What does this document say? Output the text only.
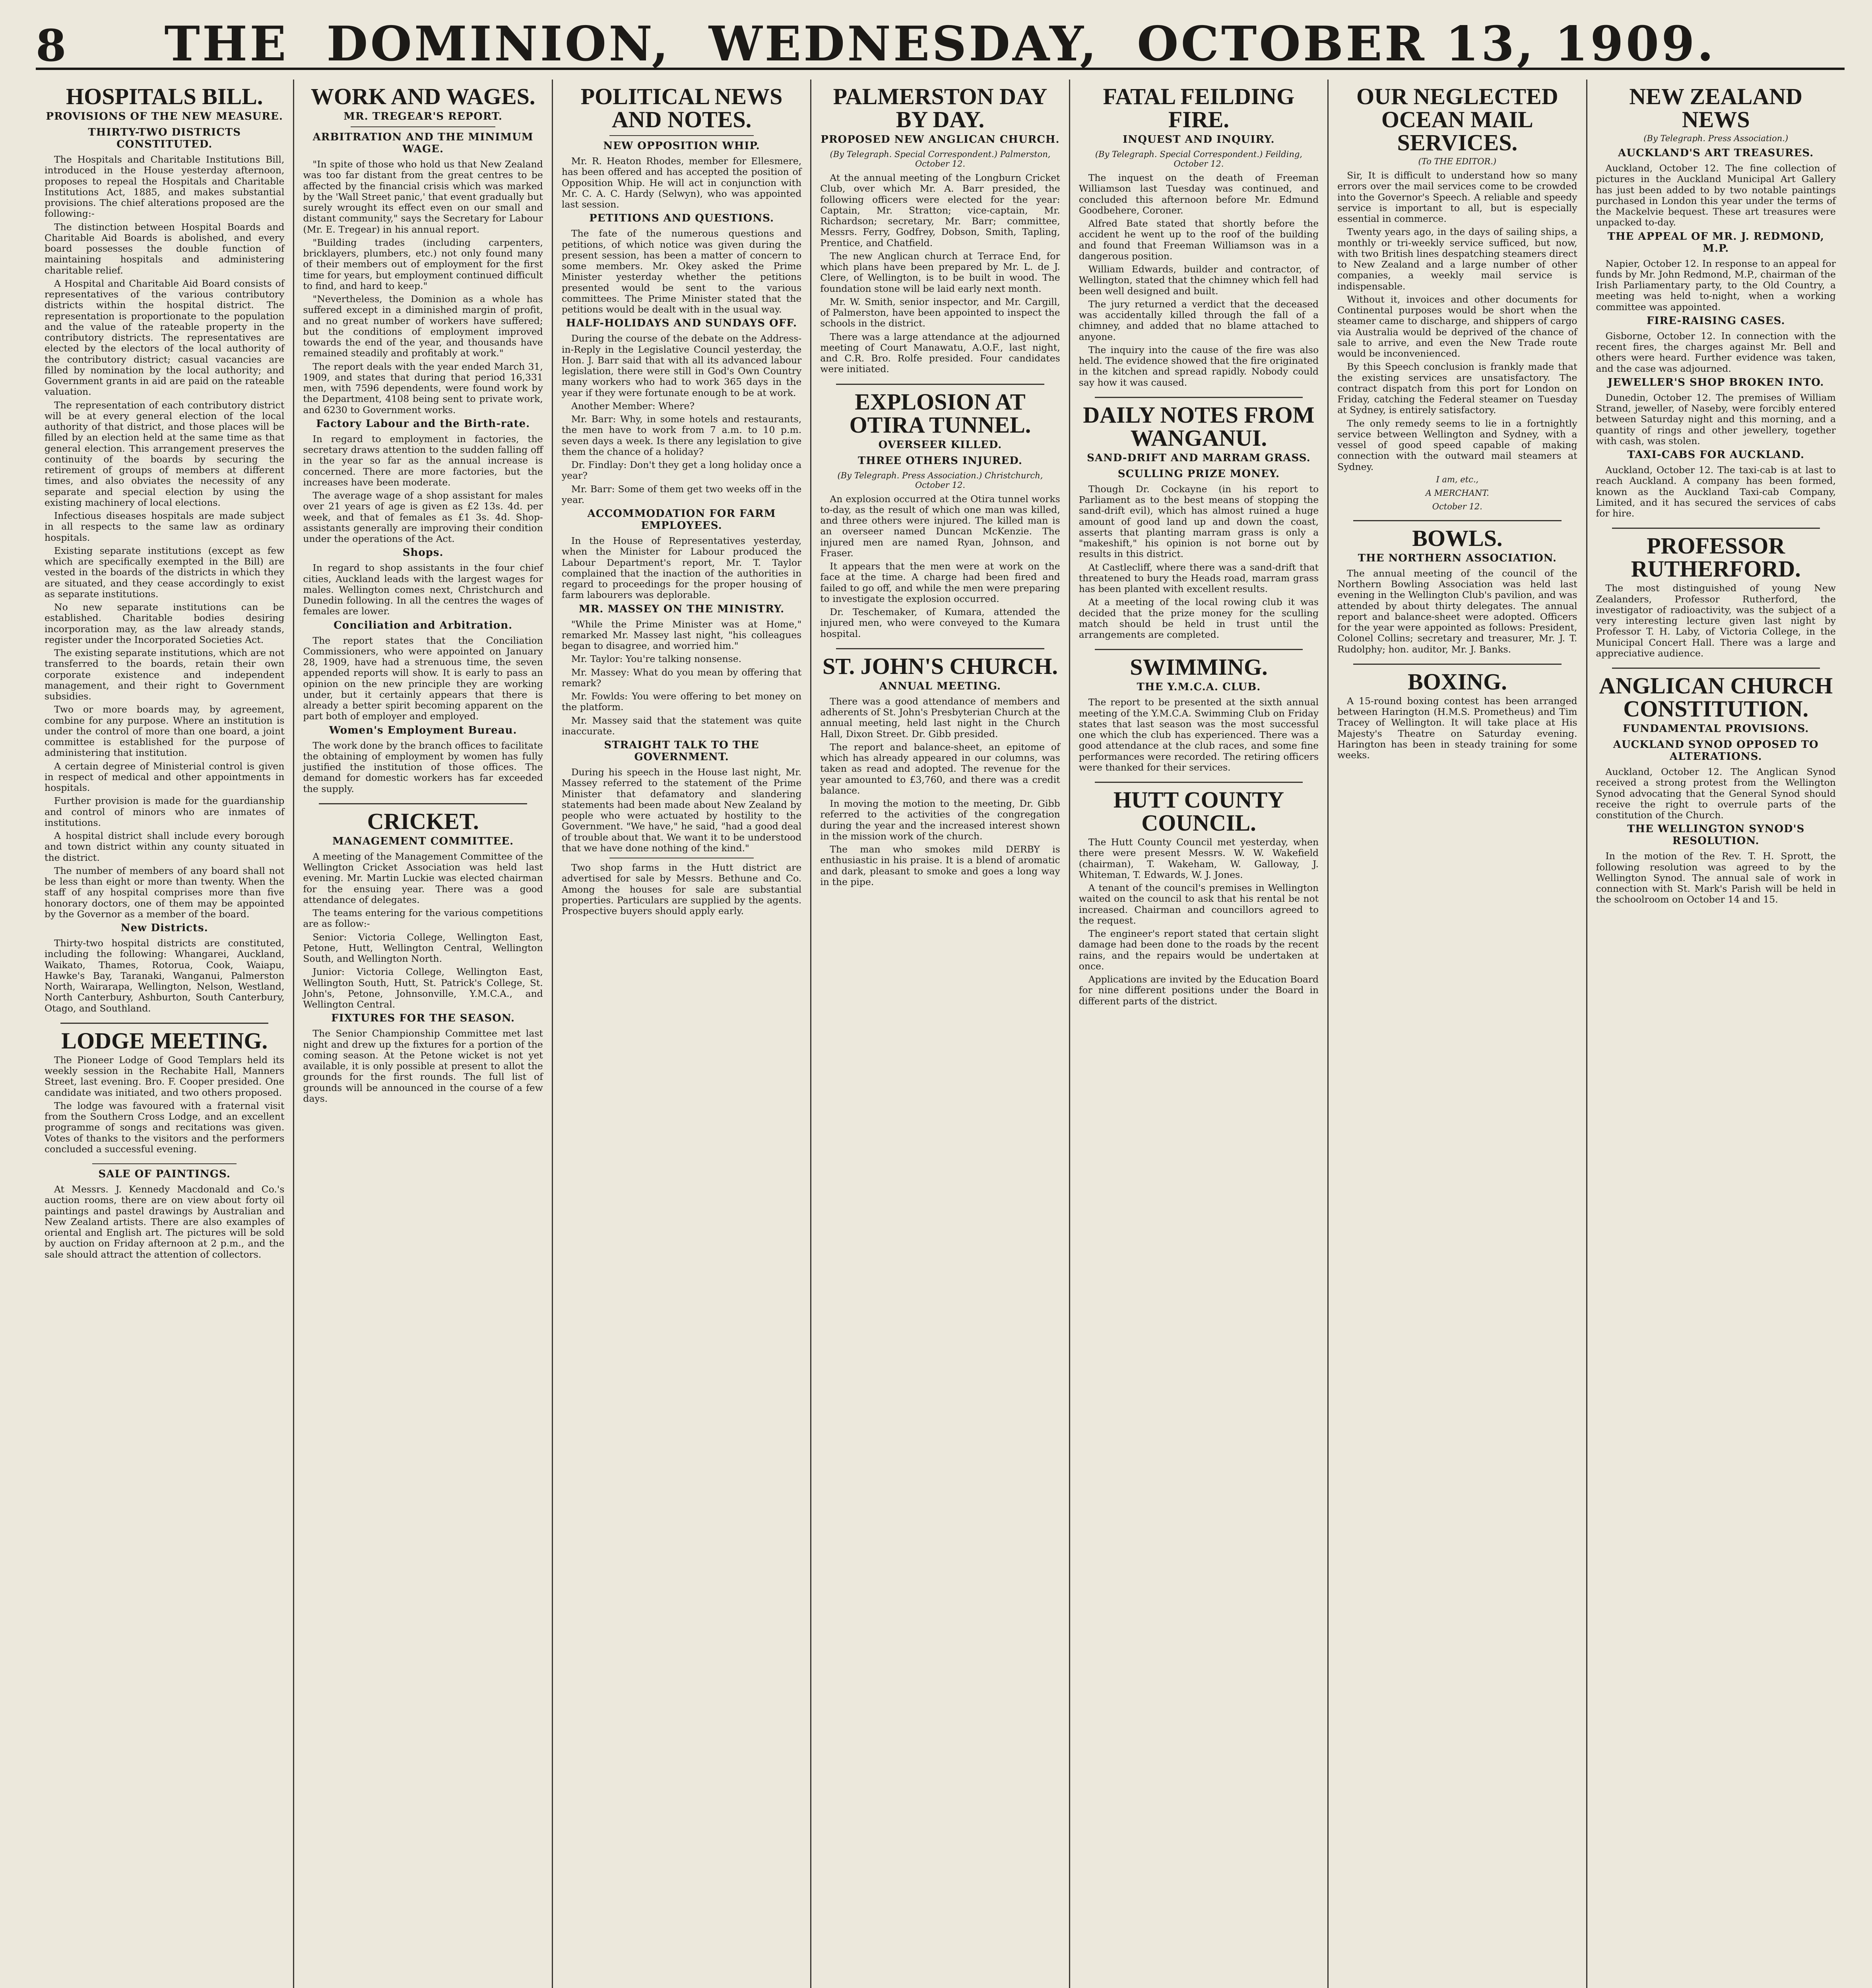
8	THE DOMINION, WEDNESDAY, OCTOBER 13, 1909.
HOSPITALS BILL.
PROVISIONS OF THE NEW MEASURE.
THIRTY-TWO DISTRICTS CONSTITUTED.

The Hospitals and Charitable Institutions Bill, introduced in the House yesterday afternoon, proposes to repeal the Hospitals and Charitable Institutions Act, 1885, and makes substantial provisions. The chief alterations proposed are the following:-

The distinction between Hospital Boards and Charitable Aid Boards is abolished, and every board possesses the double function of maintaining hospitals and administering charitable relief.

A Hospital and Charitable Aid Board consists of representatives of the various contributory districts within the hospital district. The representation is proportionate to the population and the value of the rateable property in the contributory districts. The representatives are elected by the electors of the local authority of the contributory district; casual vacancies are filled by nomination by the local authority; and Government grants in aid are paid on the rateable valuation.

The representation of each contributory district will be at every general election of the local authority of that district, and those places will be filled by an election held at the same time as that general election. This arrangement preserves the continuity of the boards by securing the retirement of groups of members at different times, and also obviates the necessity of any separate and special election by using the existing machinery of local elections.

Infectious diseases hospitals are made subject in all respects to the same law as ordinary hospitals.

Existing separate institutions (except as few which are specifically exempted in the Bill) are vested in the boards of the districts in which they are situated, and they cease accordingly to exist as separate institutions.

No new separate institutions can be established. Charitable bodies desiring incorporation may, as the law already stands, register under the Incorporated Societies Act.

The existing separate institutions, which are not transferred to the boards, retain their own corporate existence and independent management, and their right to Government subsidies.

Two or more boards may, by agreement, combine for any purpose. Where an institution is under the control of more than one board, a joint committee is established for the purpose of administering that institution.

A certain degree of Ministerial control is given in respect of medical and other appointments in hospitals.

Further provision is made for the guardianship and control of minors who are inmates of institutions.

A hospital district shall include every borough and town district within any county situated in the district.

The number of members of any board shall not be less than eight or more than twenty. When the staff of any hospital comprises more than five honorary doctors, one of them may be appointed by the Governor as a member of the board.

New Districts.

Thirty-two hospital districts are constituted, including the following: Whangarei, Auckland, Waikato, Thames, Rotorua, Cook, Waiapu, Hawke's Bay, Taranaki, Wanganui, Palmerston North, Wairarapa, Wellington, Nelson, Westland, North Canterbury, Ashburton, South Canterbury, Otago, and Southland.

LODGE MEETING.

The Pioneer Lodge of Good Templars held its weekly session in the Rechabite Hall, Manners Street, last evening. Bro. F. Cooper presided. One candidate was initiated, and two others proposed.

The lodge was favoured with a fraternal visit from the Southern Cross Lodge, and an excellent programme of songs and recitations was given. Votes of thanks to the visitors and the performers concluded a successful evening.

SALE OF PAINTINGS.

At Messrs. J. Kennedy Macdonald and Co.'s auction rooms, there are on view about forty oil paintings and pastel drawings by Australian and New Zealand artists. There are also examples of oriental and English art. The pictures will be sold by auction on Friday afternoon at 2 p.m., and the sale should attract the attention of collectors.

WORK AND WAGES.
MR. TREGEAR'S REPORT.
ARBITRATION AND THE MINIMUM WAGE.

"In spite of those who hold us that New Zealand was too far distant from the great centres to be affected by the financial crisis which was marked by the 'Wall Street panic,' that event gradually but surely wrought its effect even on our small and distant community," says the Secretary for Labour (Mr. E. Tregear) in his annual report.

"Building trades (including carpenters, bricklayers, plumbers, etc.) not only found many of their members out of employment for the first time for years, but employment continued difficult to find, and hard to keep."

"Nevertheless, the Dominion as a whole has suffered except in a diminished margin of profit, and no great number of workers have suffered; but the conditions of employment improved towards the end of the year, and thousands have remained steadily and profitably at work."

The report deals with the year ended March 31, 1909, and states that during that period 16,331 men, with 7596 dependents, were found work by the Department, 4108 being sent to private work, and 6230 to Government works.

Factory Labour and the Birth-rate.

In regard to employment in factories, the secretary draws attention to the sudden falling off in the year so far as the annual increase is concerned. There are more factories, but the increases have been moderate.

The average wage of a shop assistant for males over 21 years of age is given as £2 13s. 4d. per week, and that of females as £1 3s. 4d. Shop-assistants generally are improving their condition under the operations of the Act.

Shops.

In regard to shop assistants in the four chief cities, Auckland leads with the largest wages for males. Wellington comes next, Christchurch and Dunedin following. In all the centres the wages of females are lower.

Conciliation and Arbitration.

The report states that the Conciliation Commissioners, who were appointed on January 28, 1909, have had a strenuous time, the seven appended reports will show. It is early to pass an opinion on the new principle they are working under, but it certainly appears that there is already a better spirit becoming apparent on the part both of employer and employed.

Women's Employment Bureau.

The work done by the branch offices to facilitate the obtaining of employment by women has fully justified the institution of those offices. The demand for domestic workers has far exceeded the supply.

CRICKET.
MANAGEMENT COMMITTEE.

A meeting of the Management Committee of the Wellington Cricket Association was held last evening. Mr. Martin Luckie was elected chairman for the ensuing year. There was a good attendance of delegates.

The teams entering for the various competitions are as follow:-

Senior: Victoria College, Wellington East, Petone, Hutt, Wellington Central, Wellington South, and Wellington North.

Junior: Victoria College, Wellington East, Wellington South, Hutt, St. Patrick's College, St. John's, Petone, Johnsonville, Y.M.C.A., and Wellington Central.

FIXTURES FOR THE SEASON.

The Senior Championship Committee met last night and drew up the fixtures for a portion of the coming season. At the Petone wicket is not yet available, it is only possible at present to allot the grounds for the first rounds. The full list of grounds will be announced in the course of a few days.

POLITICAL NEWS AND NOTES.
NEW OPPOSITION WHIP.

Mr. R. Heaton Rhodes, member for Ellesmere, has been offered and has accepted the position of Opposition Whip. He will act in conjunction with Mr. C. A. C. Hardy (Selwyn), who was appointed last session.

PETITIONS AND QUESTIONS.

The fate of the numerous questions and petitions, of which notice was given during the present session, has been a matter of concern to some members. Mr. Okey asked the Prime Minister yesterday whether the petitions presented would be sent to the various committees. The Prime Minister stated that the petitions would be dealt with in the usual way.

HALF-HOLIDAYS AND SUNDAYS OFF.

During the course of the debate on the Address-in-Reply in the Legislative Council yesterday, the Hon. J. Barr said that with all its advanced labour legislation, there were still in God's Own Country many workers who had to work 365 days in the year if they were fortunate enough to be at work.

Another Member: Where?

Mr. Barr: Why, in some hotels and restaurants, the men have to work from 7 a.m. to 10 p.m. seven days a week. Is there any legislation to give them the chance of a holiday?

Dr. Findlay: Don't they get a long holiday once a year?

Mr. Barr: Some of them get two weeks off in the year.

ACCOMMODATION FOR FARM EMPLOYEES.

In the House of Representatives yesterday, when the Minister for Labour produced the Labour Department's report, Mr. T. Taylor complained that the inaction of the authorities in regard to proceedings for the proper housing of farm labourers was deplorable.

MR. MASSEY ON THE MINISTRY.

"While the Prime Minister was at Home," remarked Mr. Massey last night, "his colleagues began to disagree, and worried him."

Mr. Taylor: You're talking nonsense.

Mr. Massey: What do you mean by offering that remark?

Mr. Fowlds: You were offering to bet money on the platform.

Mr. Massey said that the statement was quite inaccurate.

STRAIGHT TALK TO THE GOVERNMENT.

During his speech in the House last night, Mr. Massey referred to the statement of the Prime Minister that defamatory and slandering statements had been made about New Zealand by people who were actuated by hostility to the Government. "We have," he said, "had a good deal of trouble about that. We want it to be understood that we have done nothing of the kind."

Two shop farms in the Hutt district are advertised for sale by Messrs. Bethune and Co. Among the houses for sale are substantial properties. Particulars are supplied by the agents. Prospective buyers should apply early.

PALMERSTON DAY BY DAY.
PROPOSED NEW ANGLICAN CHURCH.
(By Telegraph. Special Correspondent.) Palmerston, October 12.

At the annual meeting of the Longburn Cricket Club, over which Mr. A. Barr presided, the following officers were elected for the year: Captain, Mr. Stratton; vice-captain, Mr. Richardson; secretary, Mr. Barr; committee, Messrs. Ferry, Godfrey, Dobson, Smith, Tapling, Prentice, and Chatfield.

The new Anglican church at Terrace End, for which plans have been prepared by Mr. L. de J. Clere, of Wellington, is to be built in wood. The foundation stone will be laid early next month.

Mr. W. Smith, senior inspector, and Mr. Cargill, of Palmerston, have been appointed to inspect the schools in the district.

There was a large attendance at the adjourned meeting of Court Manawatu, A.O.F., last night, and C.R. Bro. Rolfe presided. Four candidates were initiated.

EXPLOSION AT OTIRA TUNNEL.
OVERSEER KILLED.
THREE OTHERS INJURED.
(By Telegraph. Press Association.) Christchurch, October 12.

An explosion occurred at the Otira tunnel works to-day, as the result of which one man was killed, and three others were injured. The killed man is an overseer named Duncan McKenzie. The injured men are named Ryan, Johnson, and Fraser.

It appears that the men were at work on the face at the time. A charge had been fired and failed to go off, and while the men were preparing to investigate the explosion occurred.

Dr. Teschemaker, of Kumara, attended the injured men, who were conveyed to the Kumara hospital.

ST. JOHN'S CHURCH.
ANNUAL MEETING.

There was a good attendance of members and adherents of St. John's Presbyterian Church at the annual meeting, held last night in the Church Hall, Dixon Street. Dr. Gibb presided.

The report and balance-sheet, an epitome of which has already appeared in our columns, was taken as read and adopted. The revenue for the year amounted to £3,760, and there was a credit balance.

In moving the motion to the meeting, Dr. Gibb referred to the activities of the congregation during the year and the increased interest shown in the mission work of the church.

The man who smokes mild DERBY is enthusiastic in his praise. It is a blend of aromatic and dark, pleasant to smoke and goes a long way in the pipe.

FATAL FEILDING FIRE.
INQUEST AND INQUIRY.
(By Telegraph. Special Correspondent.) Feilding, October 12.

The inquest on the death of Freeman Williamson last Tuesday was continued, and concluded this afternoon before Mr. Edmund Goodbehere, Coroner.

Alfred Bate stated that shortly before the accident he went up to the roof of the building and found that Freeman Williamson was in a dangerous position.

William Edwards, builder and contractor, of Wellington, stated that the chimney which fell had been well designed and built.

The jury returned a verdict that the deceased was accidentally killed through the fall of a chimney, and added that no blame attached to anyone.

The inquiry into the cause of the fire was also held. The evidence showed that the fire originated in the kitchen and spread rapidly. Nobody could say how it was caused.

DAILY NOTES FROM WANGANUI.
SAND-DRIFT AND MARRAM GRASS.
SCULLING PRIZE MONEY.

Though Dr. Cockayne (in his report to Parliament as to the best means of stopping the sand-drift evil), which has almost ruined a huge amount of good land up and down the coast, asserts that planting marram grass is only a "makeshift," his opinion is not borne out by results in this district.

At Castlecliff, where there was a sand-drift that threatened to bury the Heads road, marram grass has been planted with excellent results.

At a meeting of the local rowing club it was decided that the prize money for the sculling match should be held in trust until the arrangements are completed.

SWIMMING.
THE Y.M.C.A. CLUB.

The report to be presented at the sixth annual meeting of the Y.M.C.A. Swimming Club on Friday states that last season was the most successful one which the club has experienced. There was a good attendance at the club races, and some fine performances were recorded. The retiring officers were thanked for their services.

HUTT COUNTY COUNCIL.

The Hutt County Council met yesterday, when there were present Messrs. W. W. Wakefield (chairman), T. Wakeham, W. Galloway, J. Whiteman, T. Edwards, W. J. Jones.

A tenant of the council's premises in Wellington waited on the council to ask that his rental be not increased. Chairman and councillors agreed to the request.

The engineer's report stated that certain slight damage had been done to the roads by the recent rains, and the repairs would be undertaken at once.

Applications are invited by the Education Board for nine different positions under the Board in different parts of the district.

OUR NEGLECTED OCEAN MAIL SERVICES.
(To THE EDITOR.)

Sir, It is difficult to understand how so many errors over the mail services come to be crowded into the Governor's Speech. A reliable and speedy service is important to all, but is especially essential in commerce.

Twenty years ago, in the days of sailing ships, a monthly or tri-weekly service sufficed, but now, with two British lines despatching steamers direct to New Zealand and a large number of other companies, a weekly mail service is indispensable.

Without it, invoices and other documents for Continental purposes would be short when the steamer came to discharge, and shippers of cargo via Australia would be deprived of the chance of sale to arrive, and even the New Trade route would be inconvenienced.

By this Speech conclusion is frankly made that the existing services are unsatisfactory. The contract dispatch from this port for London on Friday, catching the Federal steamer on Tuesday at Sydney, is entirely satisfactory.

The only remedy seems to lie in a fortnightly service between Wellington and Sydney, with a vessel of good speed capable of making connection with the outward mail steamers at Sydney.

I am, etc.,
A MERCHANT.
October 12.
BOWLS.
THE NORTHERN ASSOCIATION.

The annual meeting of the council of the Northern Bowling Association was held last evening in the Wellington Club's pavilion, and was attended by about thirty delegates. The annual report and balance-sheet were adopted. Officers for the year were appointed as follows: President, Colonel Collins; secretary and treasurer, Mr. J. T. Rudolphy; hon. auditor, Mr. J. Banks.

BOXING.

A 15-round boxing contest has been arranged between Harington (H.M.S. Prometheus) and Tim Tracey of Wellington. It will take place at His Majesty's Theatre on Saturday evening. Harington has been in steady training for some weeks.

NEW ZEALAND NEWS
(By Telegraph. Press Association.)
AUCKLAND'S ART TREASURES.

Auckland, October 12. The fine collection of pictures in the Auckland Municipal Art Gallery has just been added to by two notable paintings purchased in London this year under the terms of the Mackelvie bequest. These art treasures were unpacked to-day.

THE APPEAL OF MR. J. REDMOND, M.P.

Napier, October 12. In response to an appeal for funds by Mr. John Redmond, M.P., chairman of the Irish Parliamentary party, to the Old Country, a meeting was held to-night, when a working committee was appointed.

FIRE-RAISING CASES.

Gisborne, October 12. In connection with the recent fires, the charges against Mr. Bell and others were heard. Further evidence was taken, and the case was adjourned.

JEWELLER'S SHOP BROKEN INTO.

Dunedin, October 12. The premises of William Strand, jeweller, of Naseby, were forcibly entered between Saturday night and this morning, and a quantity of rings and other jewellery, together with cash, was stolen.

TAXI-CABS FOR AUCKLAND.

Auckland, October 12. The taxi-cab is at last to reach Auckland. A company has been formed, known as the Auckland Taxi-cab Company, Limited, and it has secured the services of cabs for hire.

PROFESSOR RUTHERFORD.

The most distinguished of young New Zealanders, Professor Rutherford, the investigator of radioactivity, was the subject of a very interesting lecture given last night by Professor T. H. Laby, of Victoria College, in the Municipal Concert Hall. There was a large and appreciative audience.

ANGLICAN CHURCH CONSTITUTION.
FUNDAMENTAL PROVISIONS.
AUCKLAND SYNOD OPPOSED TO ALTERATIONS.

Auckland, October 12. The Anglican Synod received a strong protest from the Wellington Synod advocating that the General Synod should receive the right to overrule parts of the constitution of the Church.

THE WELLINGTON SYNOD'S RESOLUTION.

In the motion of the Rev. T. H. Sprott, the following resolution was agreed to by the Wellington Synod. The annual sale of work in connection with St. Mark's Parish will be held in the schoolroom on October 14 and 15.
